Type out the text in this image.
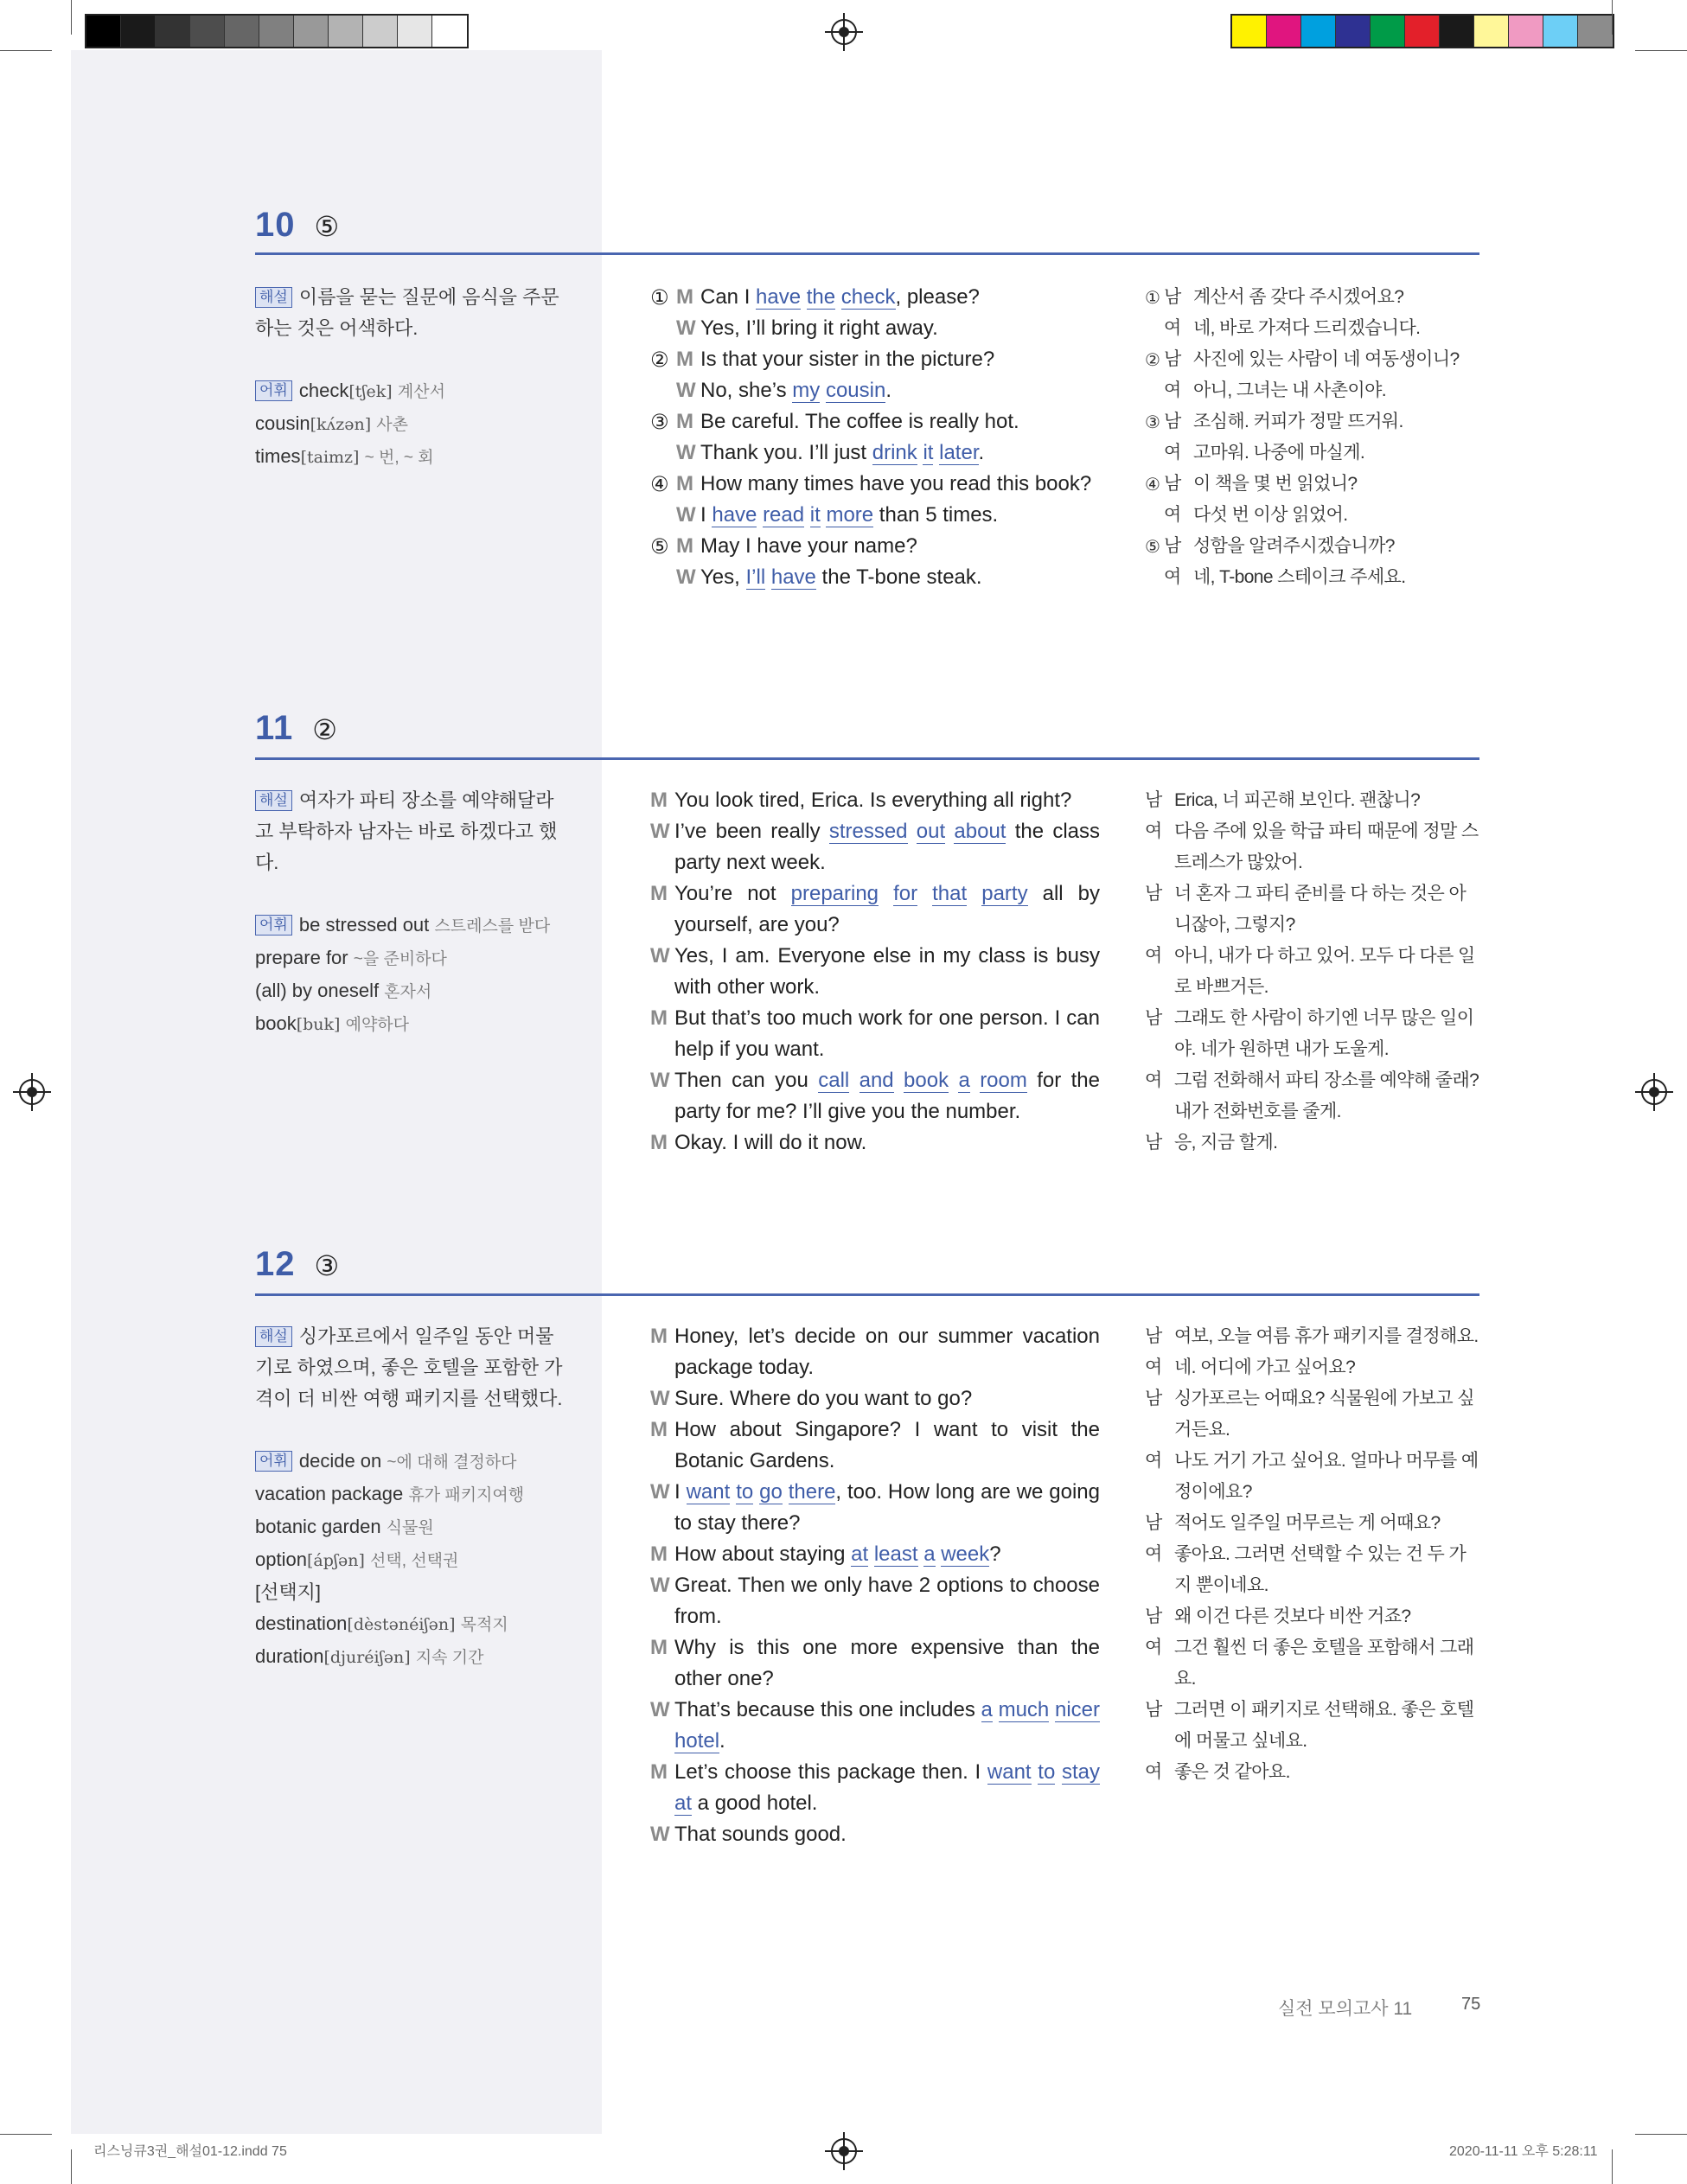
10 ⑤

해설 이름을 묻는 질문에 음식을 주문하는 것은 어색하다.

어휘 check[tʃek] 계산서

cousin[kʌ́zən] 사촌

times[taimz] ~ 번, ~ 회

① M Can I have the check, please?
W Yes, I’ll bring it right away.
② M Is that your sister in the picture?
W No, she’s my cousin.
③ M Be careful. The coffee is really hot.
W Thank you. I’ll just drink it later.
④ M How many times have you read this book?
W I have read it more than 5 times.
⑤ M May I have your name?
W Yes, I’ll have the T-bone steak.
① 남 계산서 좀 갖다 주시겠어요?
여 네, 바로 가져다 드리겠습니다.
② 남 사진에 있는 사람이 네 여동생이니?
여 아니, 그녀는 내 사촌이야.
③ 남 조심해. 커피가 정말 뜨거워.
여 고마워. 나중에 마실게.
④ 남 이 책을 몇 번 읽었니?
여 다섯 번 이상 읽었어.
⑤ 남 성함을 알려주시겠습니까?
여 네, T-bone 스테이크 주세요.
11 ②

해설 여자가 파티 장소를 예약해달라고 부탁하자 남자는 바로 하겠다고 했다.

어휘 be stressed out 스트레스를 받다

prepare for ~을 준비하다

(all) by oneself 혼자서

book[buk] 예약하다

M You look tired, Erica. Is everything all right?
W I’ve been really stressed out about the class party next week.
M You’re not preparing for that party all by yourself, are you?
W Yes, I am. Everyone else in my class is busy with other work.
M But that’s too much work for one person. I can help if you want.
W Then can you call and book a room for the party for me? I’ll give you the number.
M Okay. I will do it now.
남 Erica, 너 피곤해 보인다. 괜찮니?
여 다음 주에 있을 학급 파티 때문에 정말 스트레스가 많았어.
남 너 혼자 그 파티 준비를 다 하는 것은 아니잖아, 그렇지?
여 아니, 내가 다 하고 있어. 모두 다 다른 일로 바쁘거든.
남 그래도 한 사람이 하기엔 너무 많은 일이야. 네가 원하면 내가 도울게.
여 그럼 전화해서 파티 장소를 예약해 줄래? 내가 전화번호를 줄게.
남 응, 지금 할게.
12 ③

해설 싱가포르에서 일주일 동안 머물기로 하였으며, 좋은 호텔을 포함한 가격이 더 비싼 여행 패키지를 선택했다.

어휘 decide on ~에 대해 결정하다

vacation package 휴가 패키지여행

botanic garden 식물원

option[ápʃən] 선택, 선택권

[선택지]

destination[dèstənéiʃən] 목적지

duration[djuréiʃən] 지속 기간

M Honey, let’s decide on our summer vacation package today.
W Sure. Where do you want to go?
M How about Singapore? I want to visit the Botanic Gardens.
W I want to go there, too. How long are we going to stay there?
M How about staying at least a week?
W Great. Then we only have 2 options to choose from.
M Why is this one more expensive than the other one?
W That’s because this one includes a much nicer hotel.
M Let’s choose this package then. I want to stay at a good hotel.
W That sounds good.
남 여보, 오늘 여름 휴가 패키지를 결정해요.
여 네. 어디에 가고 싶어요?
남 싱가포르는 어때요? 식물원에 가보고 싶거든요.
여 나도 거기 가고 싶어요. 얼마나 머무를 예정이에요?
남 적어도 일주일 머무르는 게 어때요?
여 좋아요. 그러면 선택할 수 있는 건 두 가지 뿐이네요.
남 왜 이건 다른 것보다 비싼 거죠?
여 그건 훨씬 더 좋은 호텔을 포함해서 그래요.
남 그러면 이 패키지로 선택해요. 좋은 호텔에 머물고 싶네요.
여 좋은 것 같아요.
실전 모의고사 11	75
리스닝큐3권_해설01-12.indd 75	2020-11-11 오후 5:28:11
